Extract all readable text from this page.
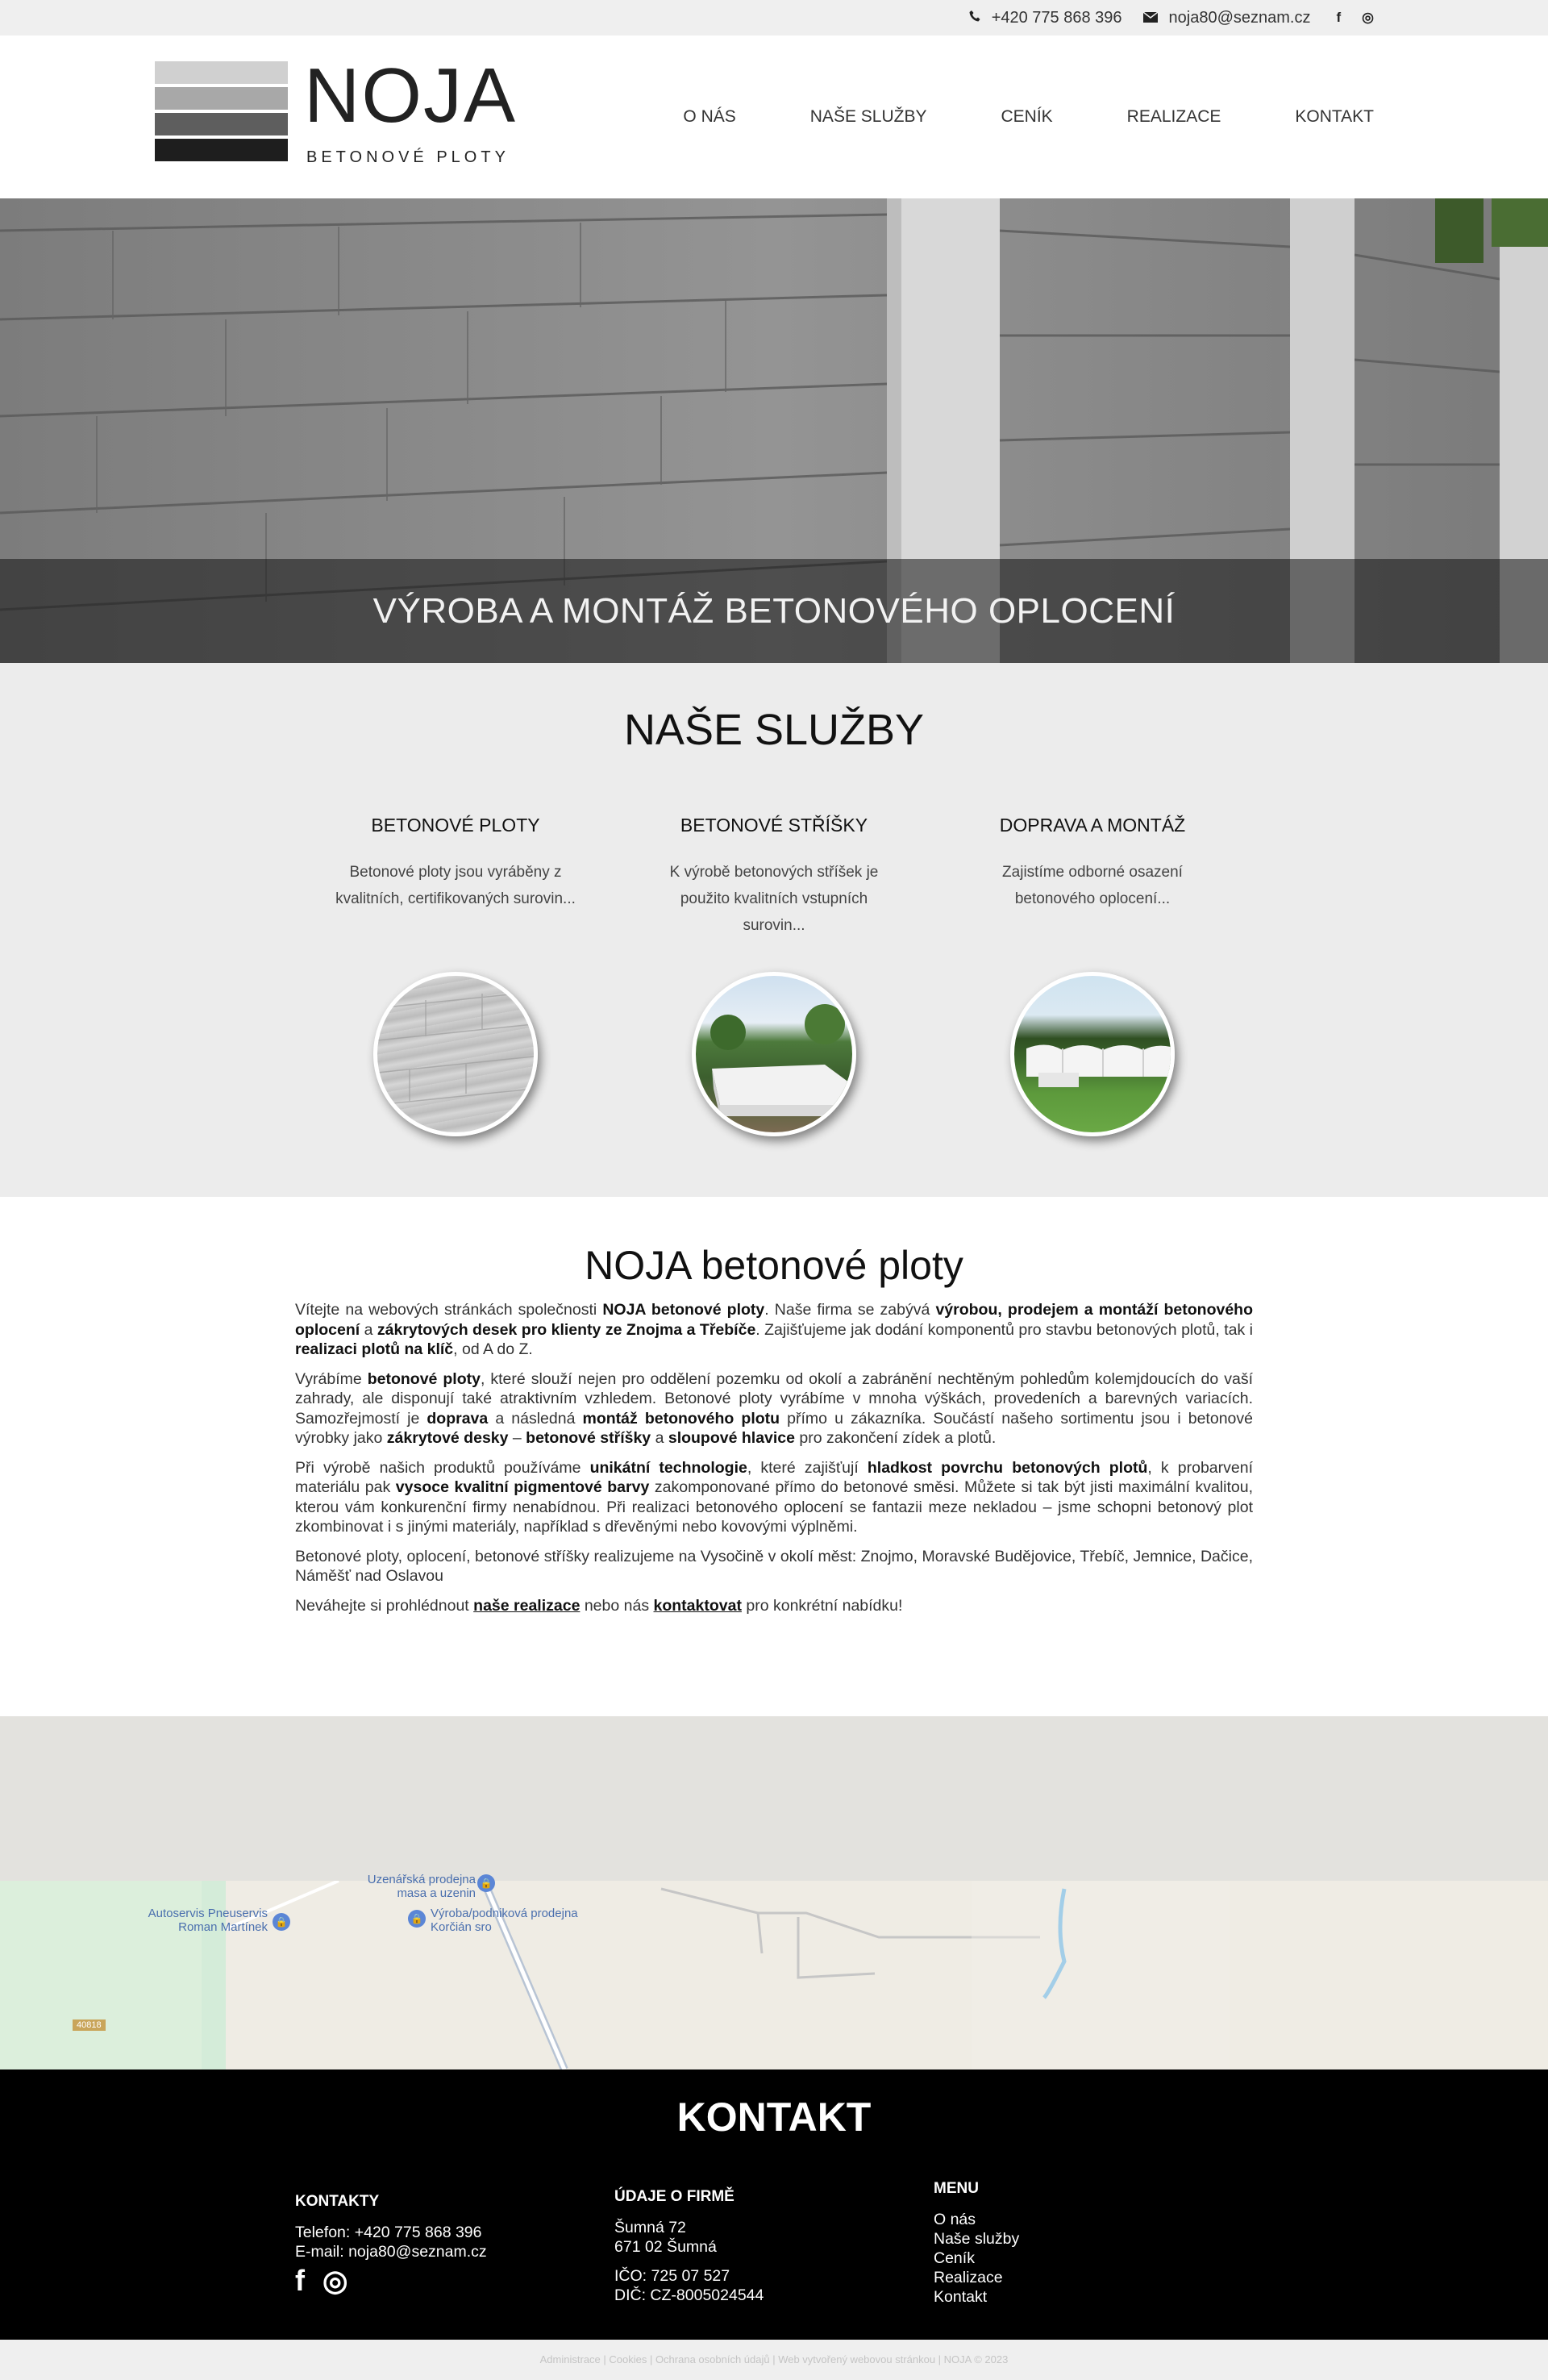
+420 775 868 396	noja80@seznam.cz f ◎
NOJA
BETONOVÉ PLOTY
O NÁS	NAŠE SLUŽBY	CENÍK	REALIZACE	KONTAKT
VÝROBA A MONTÁŽ BETONOVÉHO OPLOCENÍ
NAŠE SLUŽBY
BETONOVÉ PLOTY
Betonové ploty jsou vyráběny z kvalitních, certifikovaných surovin...
BETONOVÉ STŘÍŠKY
K výrobě betonových stříšek je použito kvalitních vstupních surovin...
DOPRAVA A MONTÁŽ
Zajistíme odborné osazení betonového oplocení...
NOJA betonové ploty

Vítejte na webových stránkách společnosti NOJA betonové ploty. Naše firma se zabývá výrobou, prodejem a montáží betonového oplocení a zákrytových desek pro klienty ze Znojma a Třebíče. Zajišťujeme jak dodání komponentů pro stavbu betonových plotů, tak i realizaci plotů na klíč, od A do Z.

Vyrábíme betonové ploty, které slouží nejen pro oddělení pozemku od okolí a zabránění nechtěným pohledům kolemjdoucích do vaší zahrady, ale disponují také atraktivním vzhledem. Betonové ploty vyrábíme v mnoha výškách, provedeních a barevných variacích. Samozřejmostí je doprava a následná montáž betonového plotu přímo u zákazníka. Součástí našeho sortimentu jsou i betonové výrobky jako zákrytové desky – betonové stříšky a sloupové hlavice pro zakončení zídek a plotů.

Při výrobě našich produktů používáme unikátní technologie, které zajišťují hladkost povrchu betonových plotů, k probarvení materiálu pak vysoce kvalitní pigmentové barvy zakomponované přímo do betonové směsi. Můžete si tak být jisti maximální kvalitou, kterou vám konkurenční firmy nenabídnou. Při realizaci betonového oplocení se fantazii meze nekladou – jsme schopni betonový plot zkombinovat i s jinými materiály, například s dřevěnými nebo kovovými výplněmi.

Betonové ploty, oplocení, betonové stříšky realizujeme na Vysočině v okolí měst: Znojmo, Moravské Budějovice, Třebíč, Jemnice, Dačice, Náměšť nad Oslavou

Neváhejte si prohlédnout naše realizace nebo nás kontaktovat pro konkrétní nabídku!

🔒
Autoservis Pneuservis Roman Martínek
🔒 Výroba/podniková prodejna Korčián sro
🔒
Uzenářská prodejna masa a uzenin
40818
KONTAKT
KONTAKTY
Telefon: +420 775 868 396
E-mail: noja80@seznam.cz
f ◎
ÚDAJE O FIRMĚ
Šumná 72
671 02 Šumná
IČO: 725 07 527
DIČ: CZ-8005024544
MENU
O nás
Naše služby
Ceník
Realizace
Kontakt
Administrace | Cookies | Ochrana osobních údajů | Web vytvořený webovou stránkou | NOJA © 2023
